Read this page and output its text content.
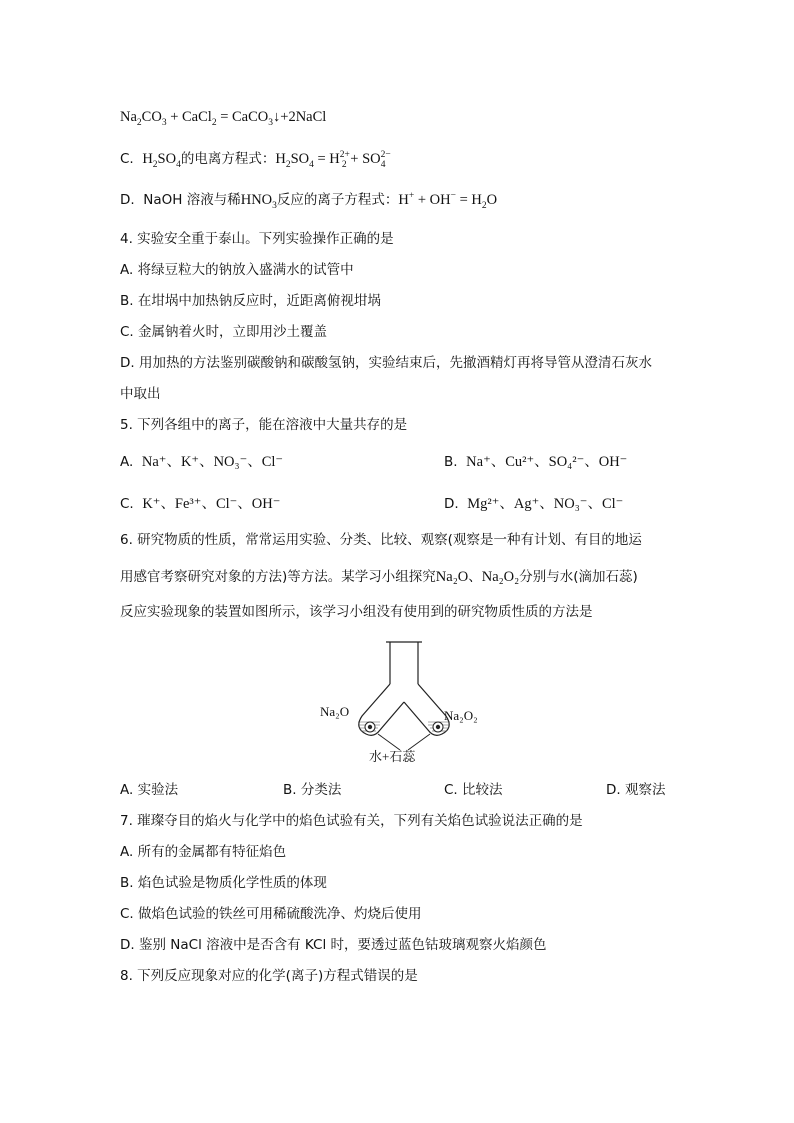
$Na_2CO_3$ + CaCl$_2$ = CaCO$_3$↓+2NaCl
C. $H_2SO_4$的电离方程式：$H_2SO_4 = H^{2+}_2 + SO^{2-}_4$
D. NaOH 溶液与稀$HNO_3$反应的离子方程式：$H^+ + OH^- = H_2O$
4. 实验安全重于泰山。下列实验操作正确的是
A. 将绿豆粒大的钠放入盛满水的试管中
B. 在坩埚中加热钠反应时，近距离俯视坩埚
C. 金属钠着火时，立即用沙土覆盖
D. 用加热的方法鉴别碳酸钠和碳酸氢钠，实验结束后，先撤酒精灯再将导管从澄清石灰水
中取出
5. 下列各组中的离子，能在溶液中大量共存的是
A. Na⁺、K⁺、NO₃⁻、Cl⁻	B. Na⁺、Cu²⁺、SO₄²⁻、OH⁻
C. K⁺、Fe³⁺、Cl⁻、OH⁻	D. Mg²⁺、Ag⁺、NO₃⁻、Cl⁻
6. 研究物质的性质，常常运用实验、分类、比较、观察(观察是一种有计划、有目的地运
用感官考察研究对象的方法)等方法。某学习小组探究Na₂O、Na₂O₂分别与水(滴加石蕊)
反应实验现象的装置如图所示，该学习小组没有使用到的研究物质性质的方法是
Na₂O	Na₂O₂
水+石蕊
A. 实验法	B. 分类法	C. 比较法	D. 观察法
7. 璀璨夺目的焰火与化学中的焰色试验有关，下列有关焰色试验说法正确的是
A. 所有的金属都有特征焰色
B. 焰色试验是物质化学性质的体现
C. 做焰色试验的铁丝可用稀硫酸洗净、灼烧后使用
D. 鉴别 NaCl 溶液中是否含有 KCl 时，要透过蓝色钴玻璃观察火焰颜色
8. 下列反应现象对应的化学(离子)方程式错误的是
